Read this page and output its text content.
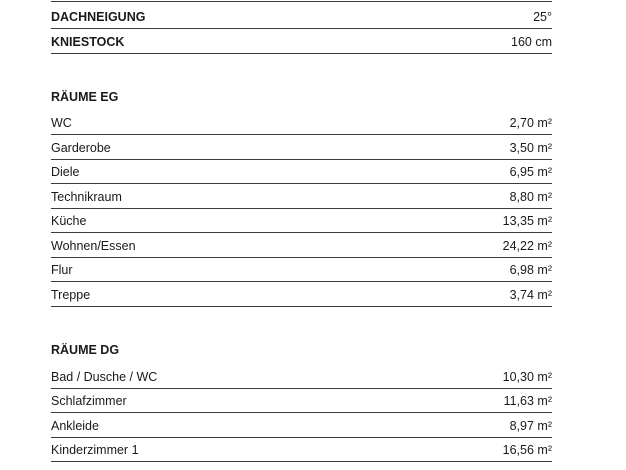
DACHNEIGUNG	25°
KNIESTOCK	160 cm
RÄUME EG
WC	2,70 m²
Garderobe	3,50 m²
Diele	6,95 m²
Technikraum	8,80 m²
Küche	13,35 m²
Wohnen/Essen	24,22 m²
Flur	6,98 m²
Treppe	3,74 m²
RÄUME DG
Bad / Dusche / WC	10,30 m²
Schlafzimmer	11,63 m²
Ankleide	8,97 m²
Kinderzimmer 1	16,56 m²
